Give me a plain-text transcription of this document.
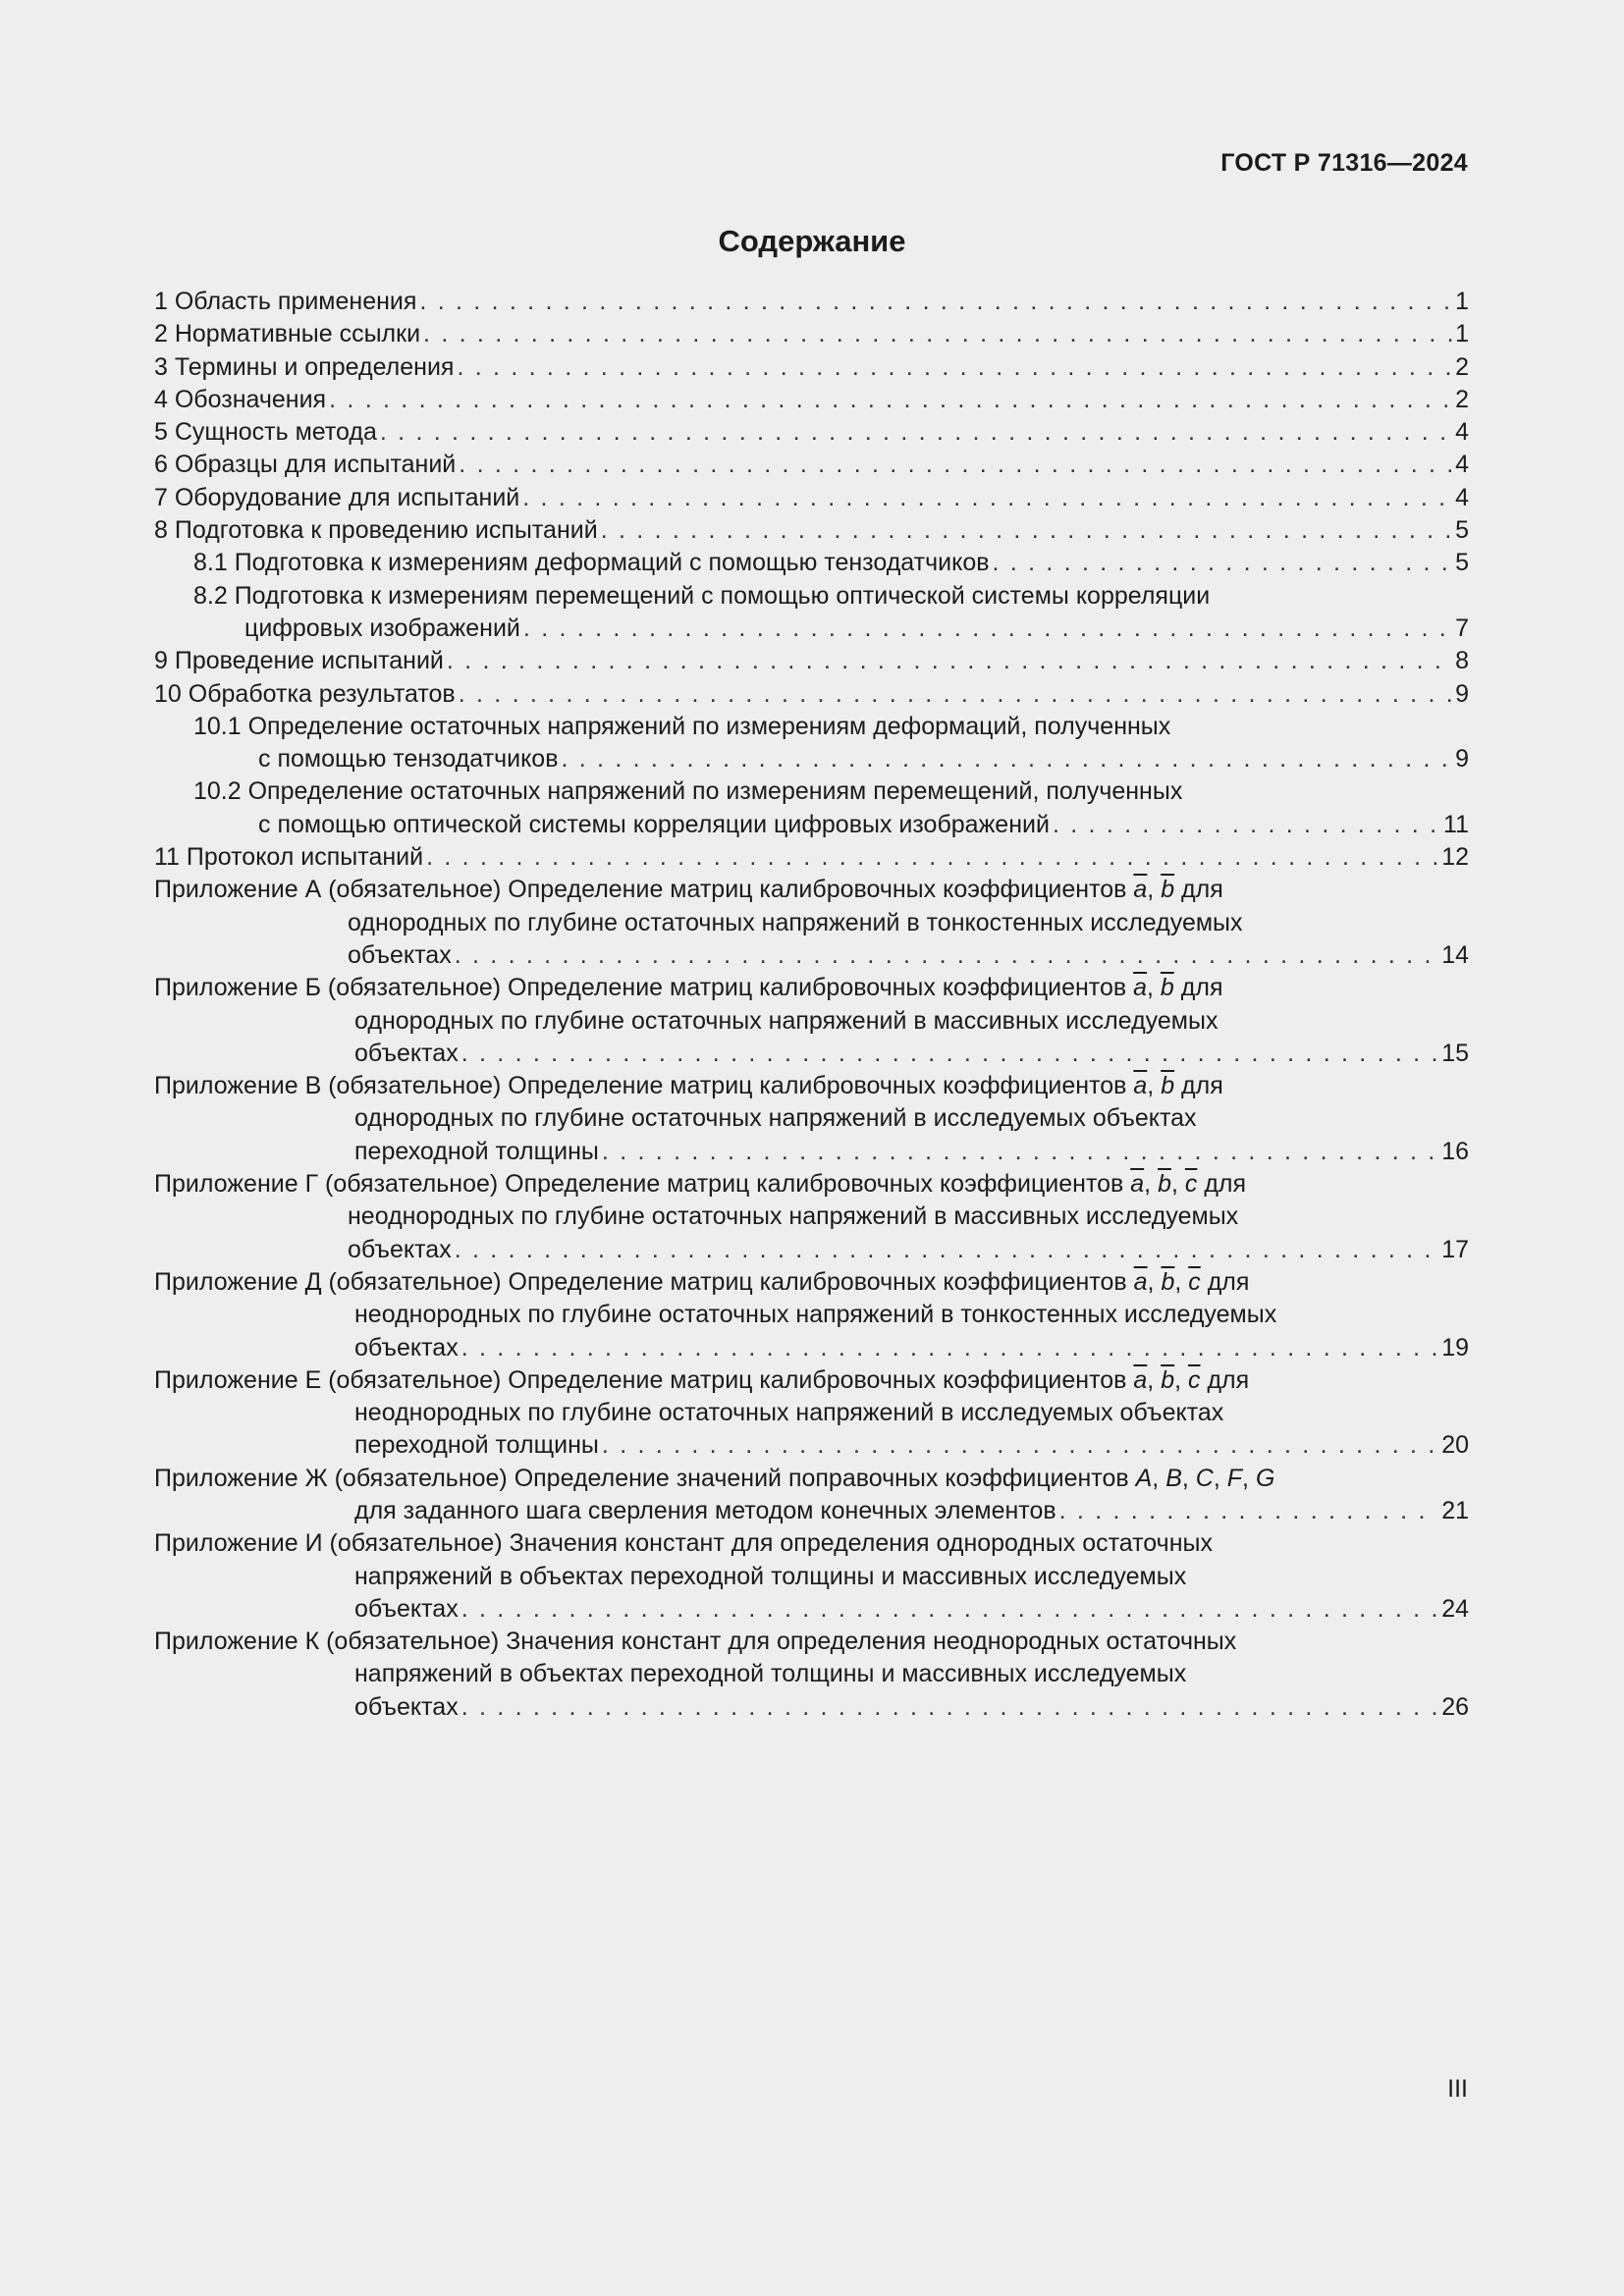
ГОСТ Р 71316—2024
Содержание
1 Область применения . . .	1
2 Нормативные ссылки . . .	1
3 Термины и определения . . .	2
4 Обозначения . . .	2
5 Сущность метода . . .	4
6 Образцы для испытаний . . .	4
7 Оборудование для испытаний . . .	4
8 Подготовка к проведению испытаний . . .	5
8.1 Подготовка к измерениям деформаций с помощью тензодатчиков . . .	5
8.2 Подготовка к измерениям перемещений с помощью оптической системы корреляции
цифровых изображений . . .	7
9 Проведение испытаний . . .	8
10 Обработка результатов . . .	9
10.1 Определение остаточных напряжений по измерениям деформаций, полученных
с помощью тензодатчиков . . .	9
10.2 Определение остаточных напряжений по измерениям перемещений, полученных
с помощью оптической системы корреляции цифровых изображений . . .	11
11 Протокол испытаний . . .	12
Приложение А (обязательное) Определение матриц калибровочных коэффициентов $\overline{a}$, $\overline{b}$ для
однородных по глубине остаточных напряжений в тонкостенных исследуемых
объектах . . .	14
Приложение Б (обязательное) Определение матриц калибровочных коэффициентов $\overline{a}$, $\overline{b}$ для
однородных по глубине остаточных напряжений в массивных исследуемых
объектах . . .	15
Приложение В (обязательное) Определение матриц калибровочных коэффициентов $\overline{a}$, $\overline{b}$ для
однородных по глубине остаточных напряжений в исследуемых объектах
переходной толщины . . .	16
Приложение Г (обязательное) Определение матриц калибровочных коэффициентов $\overline{a}$, $\overline{b}$, $\overline{c}$ для
неоднородных по глубине остаточных напряжений в массивных исследуемых
объектах . . .	17
Приложение Д (обязательное) Определение матриц калибровочных коэффициентов $\overline{a}$, $\overline{b}$, $\overline{c}$ для
неоднородных по глубине остаточных напряжений в тонкостенных исследуемых
объектах . . .	19
Приложение Е (обязательное) Определение матриц калибровочных коэффициентов $\overline{a}$, $\overline{b}$, $\overline{c}$ для
неоднородных по глубине остаточных напряжений в исследуемых объектах
переходной толщины . . .	20
Приложение Ж (обязательное) Определение значений поправочных коэффициентов A, B, C, F, G
для заданного шага сверления методом конечных элементов . . .	21
Приложение И (обязательное) Значения констант для определения однородных остаточных
напряжений в объектах переходной толщины и массивных исследуемых
объектах . . .	24
Приложение К (обязательное) Значения констант для определения неоднородных остаточных
напряжений в объектах переходной толщины и массивных исследуемых
объектах . . .	26
III
